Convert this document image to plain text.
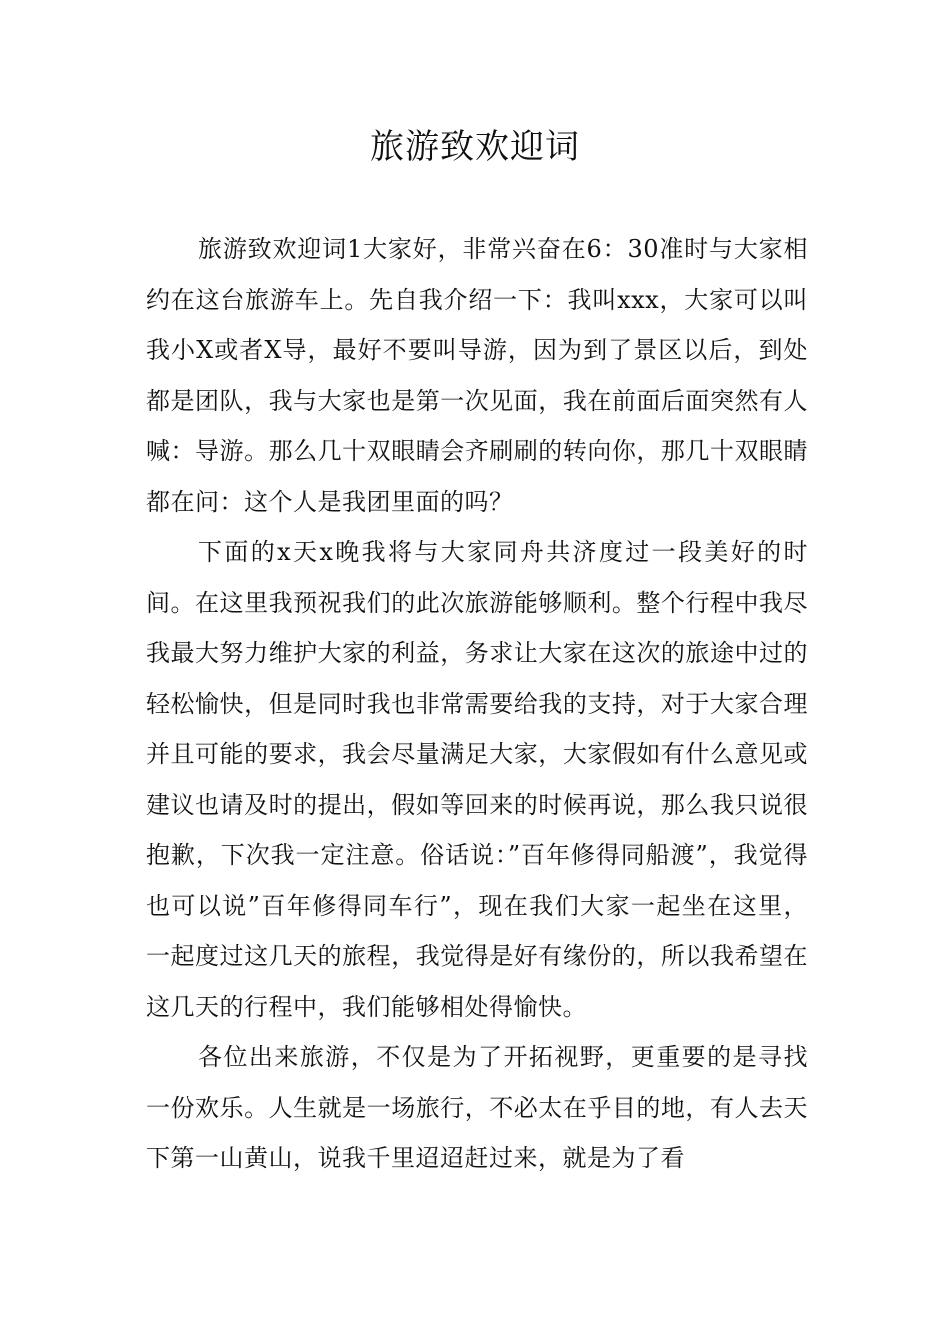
旅游致欢迎词

旅游致欢迎词1大家好，非常兴奋在6：30准时与大家相约在这台旅游车上。先自我介绍一下：我叫xxx，大家可以叫我小X或者X导，最好不要叫导游，因为到了景区以后，到处都是团队，我与大家也是第一次见面，我在前面后面突然有人喊：导游。那么几十双眼睛会齐刷刷的转向你，那几十双眼睛都在问：这个人是我团里面的吗？

下面的x天x晚我将与大家同舟共济度过一段美好的时间。在这里我预祝我们的此次旅游能够顺利。整个行程中我尽我最大努力维护大家的利益，务求让大家在这次的旅途中过的轻松愉快，但是同时我也非常需要给我的支持，对于大家合理并且可能的要求，我会尽量满足大家，大家假如有什么意见或建议也请及时的提出，假如等回来的时候再说，那么我只说很抱歉，下次我一定注意。俗话说：”百年修得同船渡”，我觉得也可以说”百年修得同车行”，现在我们大家一起坐在这里，一起度过这几天的旅程，我觉得是好有缘份的，所以我希望在这几天的行程中，我们能够相处得愉快。

各位出来旅游，不仅是为了开拓视野，更重要的是寻找一份欢乐。人生就是一场旅行，不必太在乎目的地，有人去天下第一山黄山，说我千里迢迢赶过来，就是为了看
